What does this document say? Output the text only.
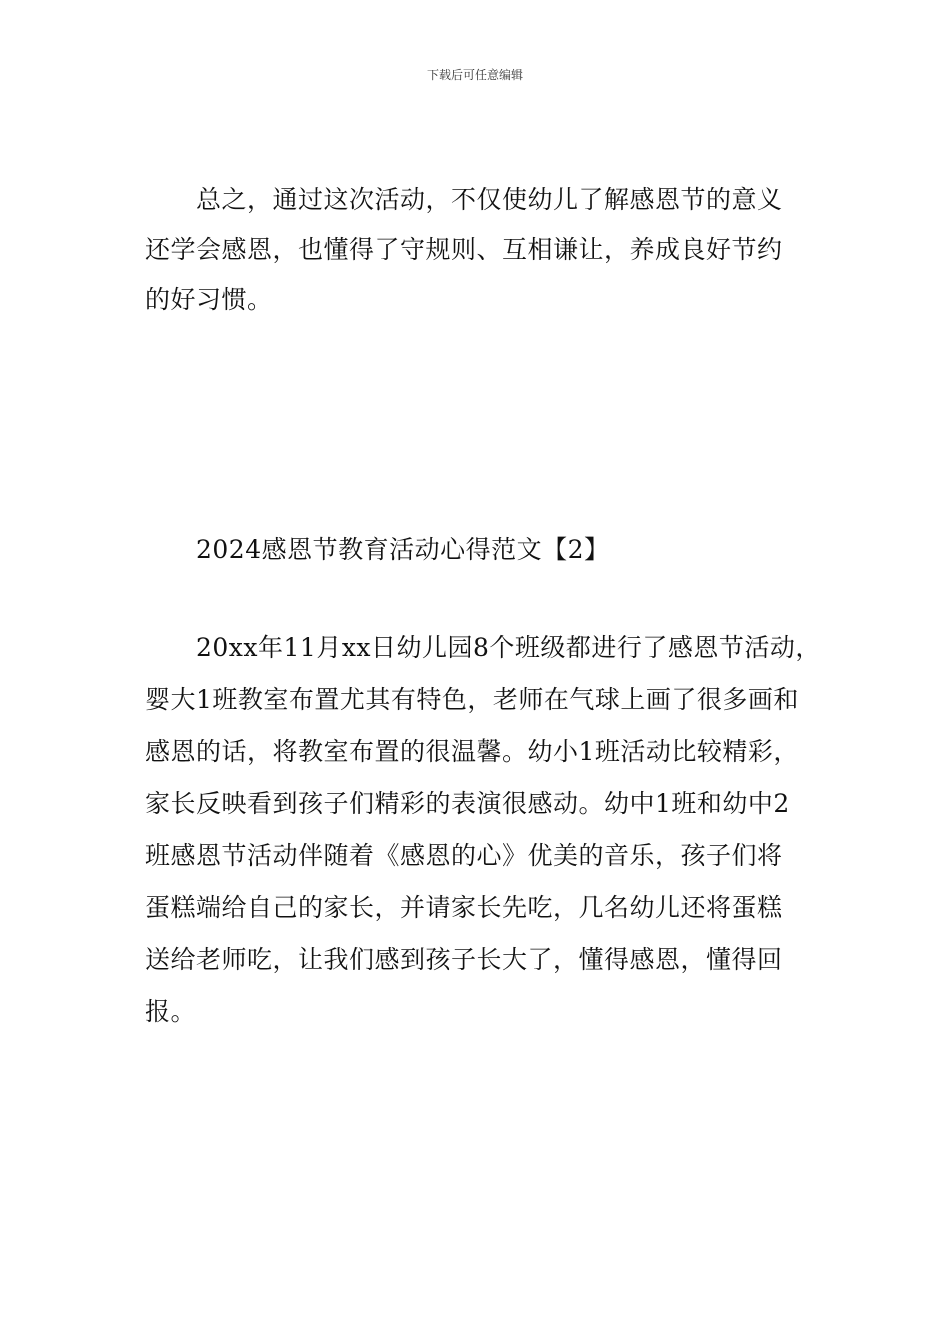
下载后可任意编辑
总之，通过这次活动，不仅使幼儿了解感恩节的意义
还学会感恩，也懂得了守规则、互相谦让，养成良好节约
的好习惯。
2024感恩节教育活动心得范文【2】
20xx年11月xx日幼儿园8个班级都进行了感恩节活动，
婴大1班教室布置尤其有特色，老师在气球上画了很多画和
感恩的话，将教室布置的很温馨。幼小1班活动比较精彩，
家长反映看到孩子们精彩的表演很感动。幼中1班和幼中2
班感恩节活动伴随着《感恩的心》优美的音乐，孩子们将
蛋糕端给自己的家长，并请家长先吃，几名幼儿还将蛋糕
送给老师吃，让我们感到孩子长大了，懂得感恩，懂得回
报。
